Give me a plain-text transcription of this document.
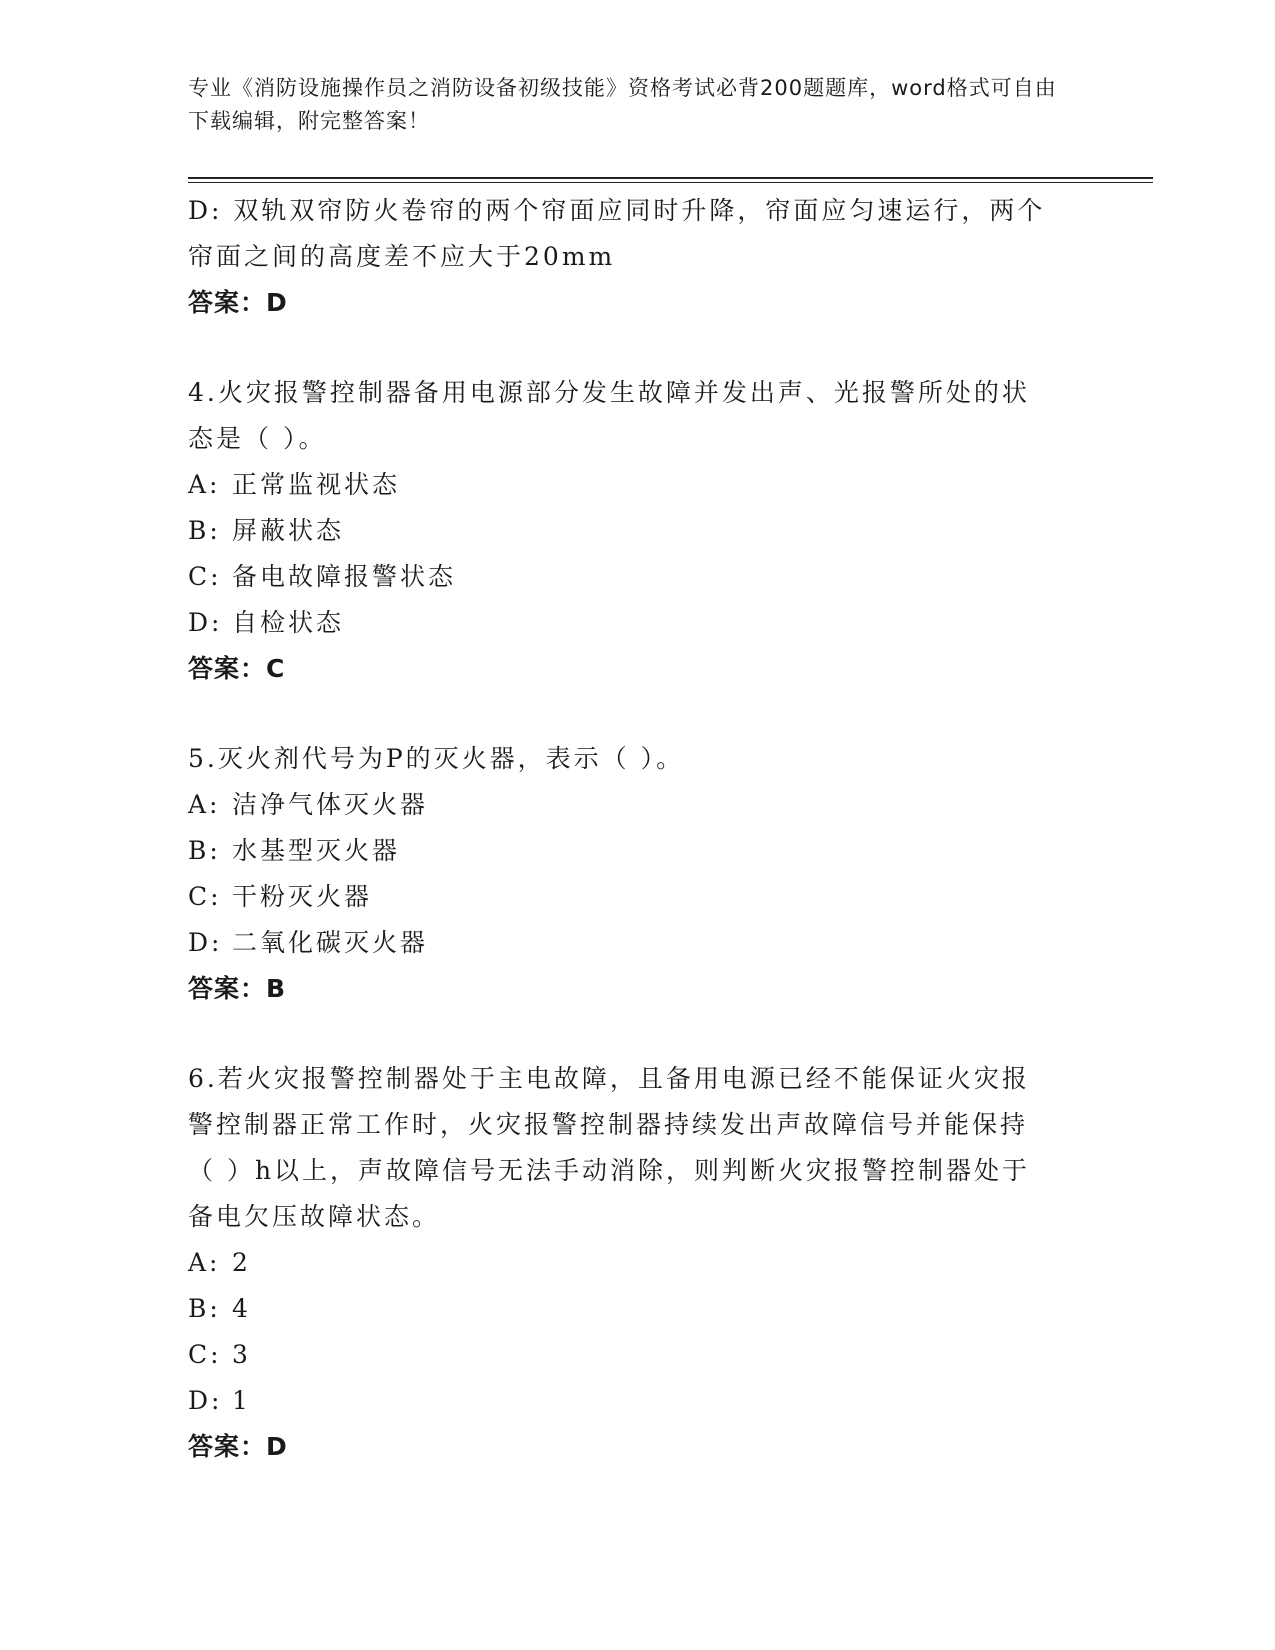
专业《消防设施操作员之消防设备初级技能》资格考试必背200题题库，word格式可自由下载编辑，附完整答案！
D: 双轨双帘防火卷帘的两个帘面应同时升降，帘面应匀速运行，两个
帘面之间的高度差不应大于20mm
答案：D
4.火灾报警控制器备用电源部分发生故障并发出声、光报警所处的状
态是（ ）。
A: 正常监视状态
B: 屏蔽状态
C: 备电故障报警状态
D: 自检状态
答案：C
5.灭火剂代号为P的灭火器，表示（ ）。
A: 洁净气体灭火器
B: 水基型灭火器
C: 干粉灭火器
D: 二氧化碳灭火器
答案：B
6.若火灾报警控制器处于主电故障，且备用电源已经不能保证火灾报
警控制器正常工作时，火灾报警控制器持续发出声故障信号并能保持
（ ）h以上，声故障信号无法手动消除，则判断火灾报警控制器处于
备电欠压故障状态。
A: 2
B: 4
C: 3
D: 1
答案：D
